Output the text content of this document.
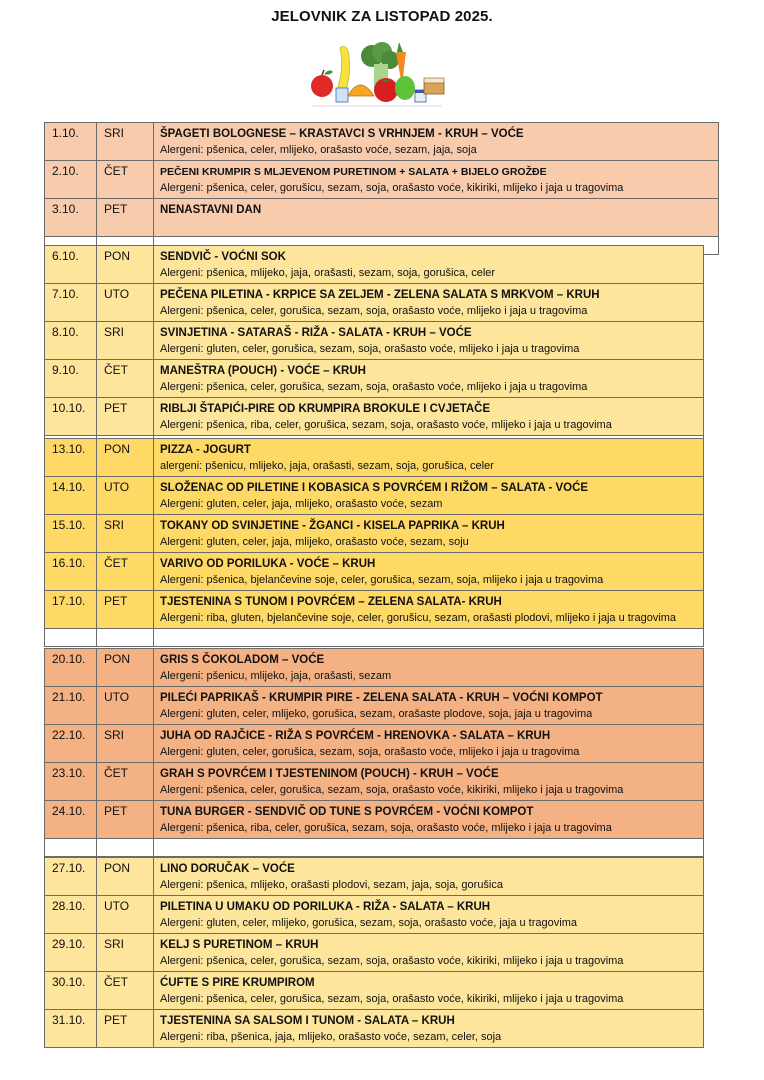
JELOVNIK ZA LISTOPAD 2025.
1.10.	SRI	ŠPAGETI BOLOGNESE – KRASTAVCI S VRHNJEM - KRUH – VOĆE
Alergeni: pšenica, celer, mlijeko, orašasto voće, sezam, jaja, soja

2.10.	ČET	PEČENI KRUMPIR S MLJEVENOM PURETINOM + SALATA + BIJELO GROŽĐE
Alergeni: pšenica, celer, gorušicu, sezam, soja, orašasto voće, kikiriki, mlijeko i jaja u tragovima

3.10.	PET	NENASTAVNI DAN

6.10.	PON	SENDVIČ - VOĆNI SOK
Alergeni: pšenica, mlijeko, jaja, orašasti, sezam, soja, gorušica, celer

7.10.	UTO	PEČENA PILETINA - KRPICE SA ZELJEM - ZELENA SALATA S MRKVOM – KRUH
Alergeni: pšenica, celer, gorušica, sezam, soja, orašasto voće, mlijeko i jaja u tragovima

8.10.	SRI	SVINJETINA - SATARAŠ - RIŽA - SALATA - KRUH – VOĆE
Alergeni: gluten, celer, gorušica, sezam, soja, orašasto voće, mlijeko i jaja u tragovima

9.10.	ČET	MANEŠTRA (POUCH) - VOĆE – KRUH
Alergeni: pšenica, celer, gorušica, sezam, soja, orašasto voće, mlijeko i jaja u tragovima

10.10.	PET	RIBLJI ŠTAPIĆI-PIRE OD KRUMPIRA BROKULE I CVJETAČE
Alergeni: pšenica, riba, celer, gorušica, sezam, soja, orašasto voće, mlijeko i jaja u tragovima

13.10.	PON	PIZZA - JOGURT
alergeni: pšenicu, mlijeko, jaja, orašasti, sezam, soja, gorušica, celer

14.10.	UTO	SLOŽENAC OD PILETINE I KOBASICA S POVRĆEM I RIŽOM – SALATA - VOĆE
Alergeni: gluten, celer, jaja, mlijeko, orašasto voće, sezam

15.10.	SRI	TOKANY OD SVINJETINE - ŽGANCI - KISELA PAPRIKA – KRUH
Alergeni: gluten, celer, jaja, mlijeko, orašasto voće, sezam, soju

16.10.	ČET	VARIVO OD PORILUKA - VOĆE – KRUH
Alergeni: pšenica, bjelančevine soje, celer, gorušica, sezam, soja, mlijeko i jaja u tragovima

17.10.	PET	TJESTENINA S TUNOM I POVRĆEM – ZELENA SALATA- KRUH
Alergeni: riba, gluten, bjelančevine soje, celer, gorušicu, sezam, orašasti plodovi, mlijeko i jaja u tragovima

20.10.	PON	GRIS S ČOKOLADOM – VOĆE
Alergeni: pšenicu, mlijeko, jaja, orašasti, sezam

21.10.	UTO	PILEĆI PAPRIKAŠ - KRUMPIR PIRE - ZELENA SALATA - KRUH – VOĆNI KOMPOT
Alergeni: gluten, celer, mlijeko, gorušica, sezam, orašaste plodove, soja, jaja u tragovima

22.10.	SRI	JUHA OD RAJČICE - RIŽA S POVRĆEM - HRENOVKA - SALATA – KRUH
Alergeni: gluten, celer, gorušica, sezam, soja, orašasto voće, mlijeko i jaja u tragovima

23.10.	ČET	GRAH S POVRĆEM I TJESTENINOM (POUCH) - KRUH – VOĆE
Alergeni: pšenica, celer, gorušica, sezam, soja, orašasto voće, kikiriki, mlijeko i jaja u tragovima

24.10.	PET	TUNA BURGER - SENDVIČ OD TUNE S POVRĆEM - VOĆNI KOMPOT
Alergeni: pšenica, riba, celer, gorušica, sezam, soja, orašasto voće, mlijeko i jaja u tragovima

27.10.	PON	LINO DORUČAK – VOĆE
Alergeni: pšenica, mlijeko, orašasti plodovi, sezam, jaja, soja, gorušica

28.10.	UTO	PILETINA U UMAKU OD PORILUKA - RIŽA - SALATA – KRUH
Alergeni: gluten, celer, mlijeko, gorušica, sezam, soja, orašasto voće, jaja u tragovima

29.10.	SRI	KELJ S PURETINOM – KRUH
Alergeni: pšenica, celer, gorušica, sezam, soja, orašasto voće, kikiriki, mlijeko i jaja u tragovima

30.10.	ČET	ĆUFTE S PIRE KRUMPIROM
Alergeni: pšenica, celer, gorušica, sezam, soja, orašasto voće, kikiriki, mlijeko i jaja u tragovima

31.10.	PET	TJESTENINA SA SALSOM I TUNOM - SALATA – KRUH
Alergeni: riba, pšenica, jaja, mlijeko, orašasto voće, sezam, celer, soja
